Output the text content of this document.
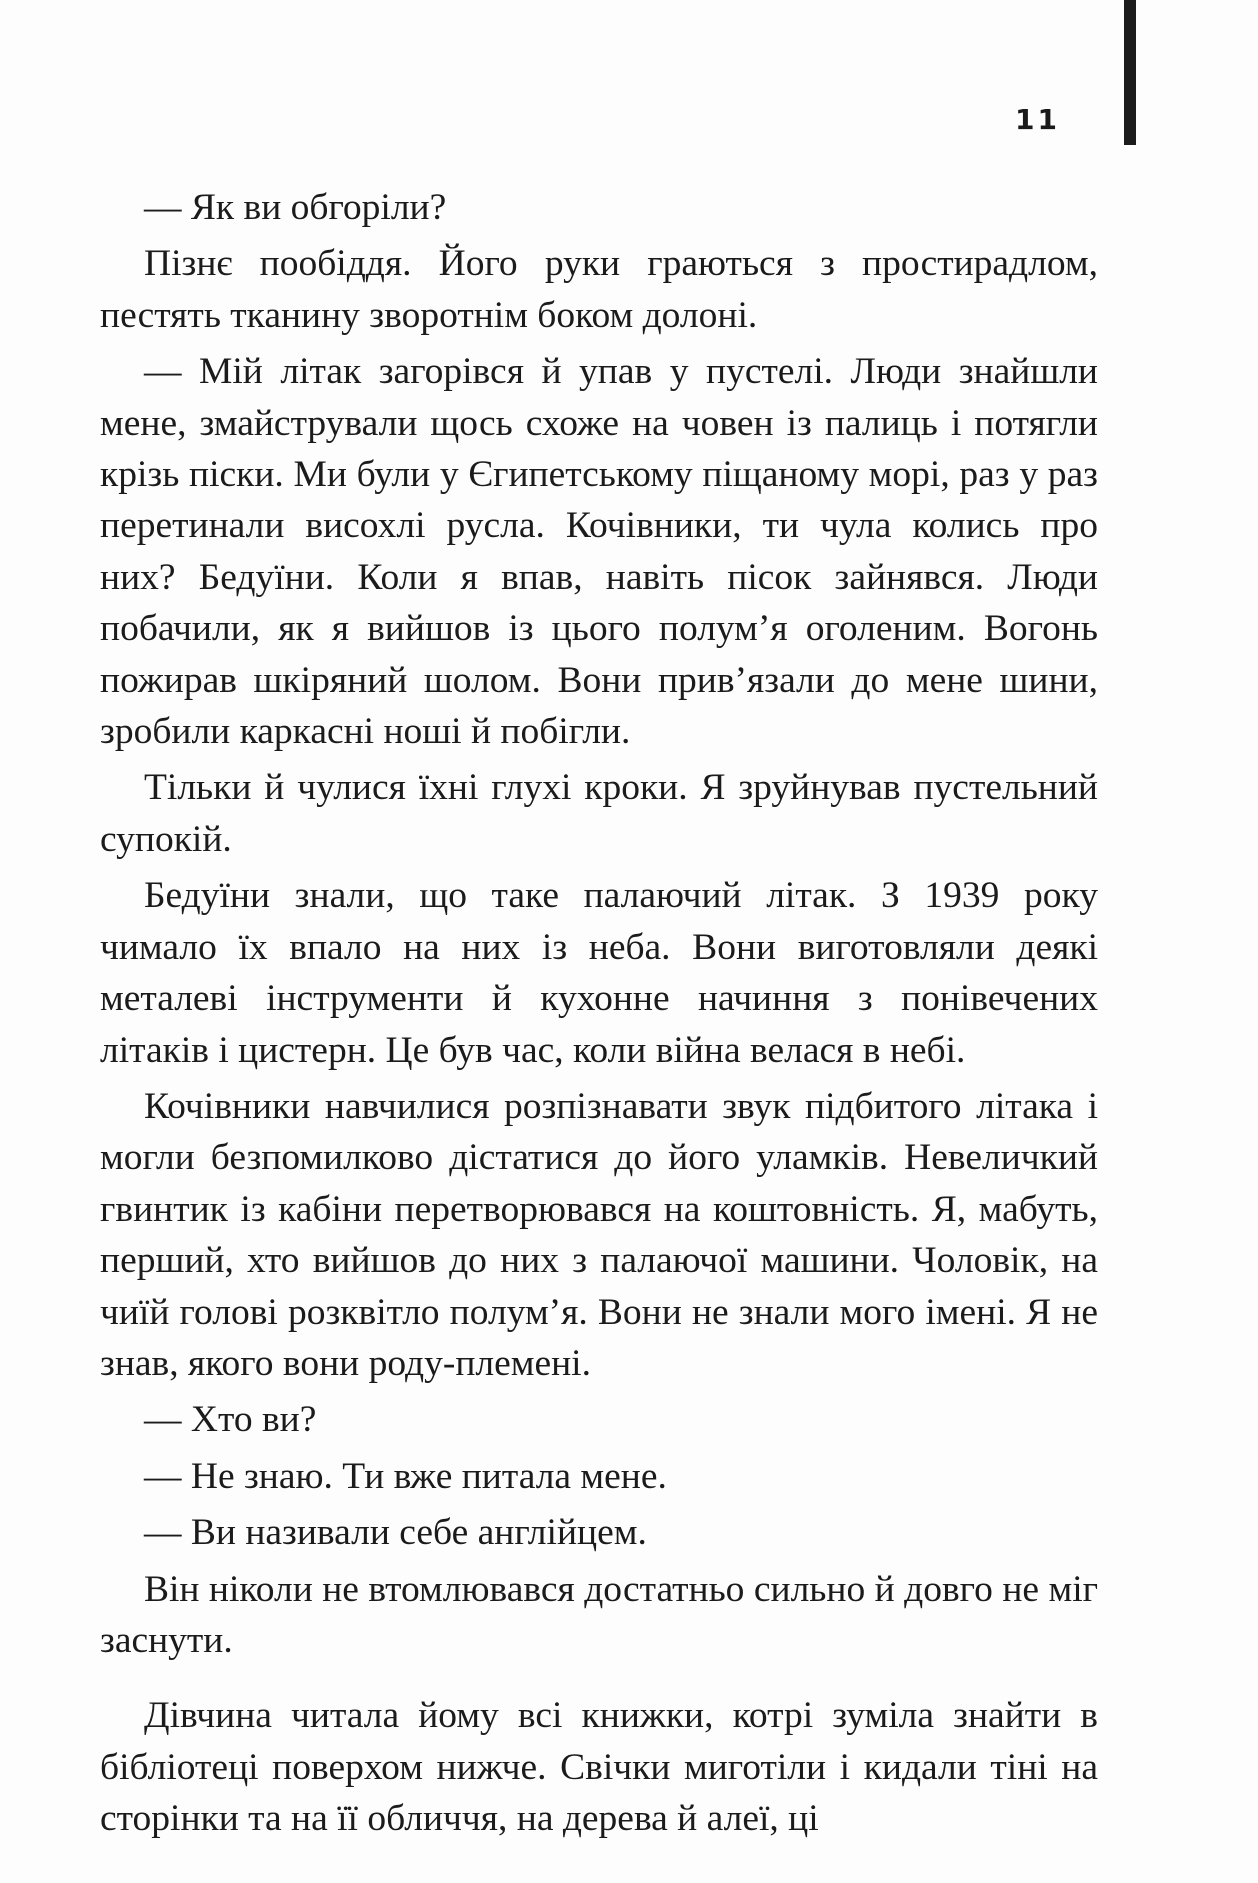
11

— Як ви обгоріли?

Пізнє пообіддя. Його руки граються з простирадлом, пестять тканину зворотнім боком долоні.

— Мій літак загорівся й упав у пустелі. Люди знайшли мене, змайстрували щось схоже на човен із палиць і потягли крізь піски. Ми були у Єгипетському піщаному морі, раз у раз перетинали висохлі русла. Кочівники, ти чула колись про них? Бедуїни. Коли я впав, навіть пісок зайнявся. Люди побачили, як я вийшов із цього полум’я оголеним. Вогонь пожирав шкіряний шолом. Вони прив’язали до мене шини, зробили каркасні ноші й побігли.

Тільки й чулися їхні глухі кроки. Я зруйнував пустельний супокій.

Бедуїни знали, що таке палаючий літак. З 1939 року чимало їх впало на них із неба. Вони виготовляли деякі металеві інструменти й кухонне начиння з понівечених літаків і цистерн. Це був час, коли війна велася в небі.

Кочівники навчилися розпізнавати звук підбитого літака і могли безпомилково дістатися до його уламків. Невеличкий гвинтик із кабіни перетворювався на коштовність. Я, мабуть, перший, хто вийшов до них з палаючої машини. Чоловік, на чиїй голові розквітло полум’я. Вони не знали мого імені. Я не знав, якого вони роду-племені.

— Хто ви?

— Не знаю. Ти вже питала мене.

— Ви називали себе англійцем.

Він ніколи не втомлювався достатньо сильно й довго не міг заснути.

Дівчина читала йому всі книжки, котрі зуміла знайти в бібліотеці поверхом нижче. Свічки миготіли і кидали тіні на сторінки та на її обличчя, на дерева й алеї, ці
